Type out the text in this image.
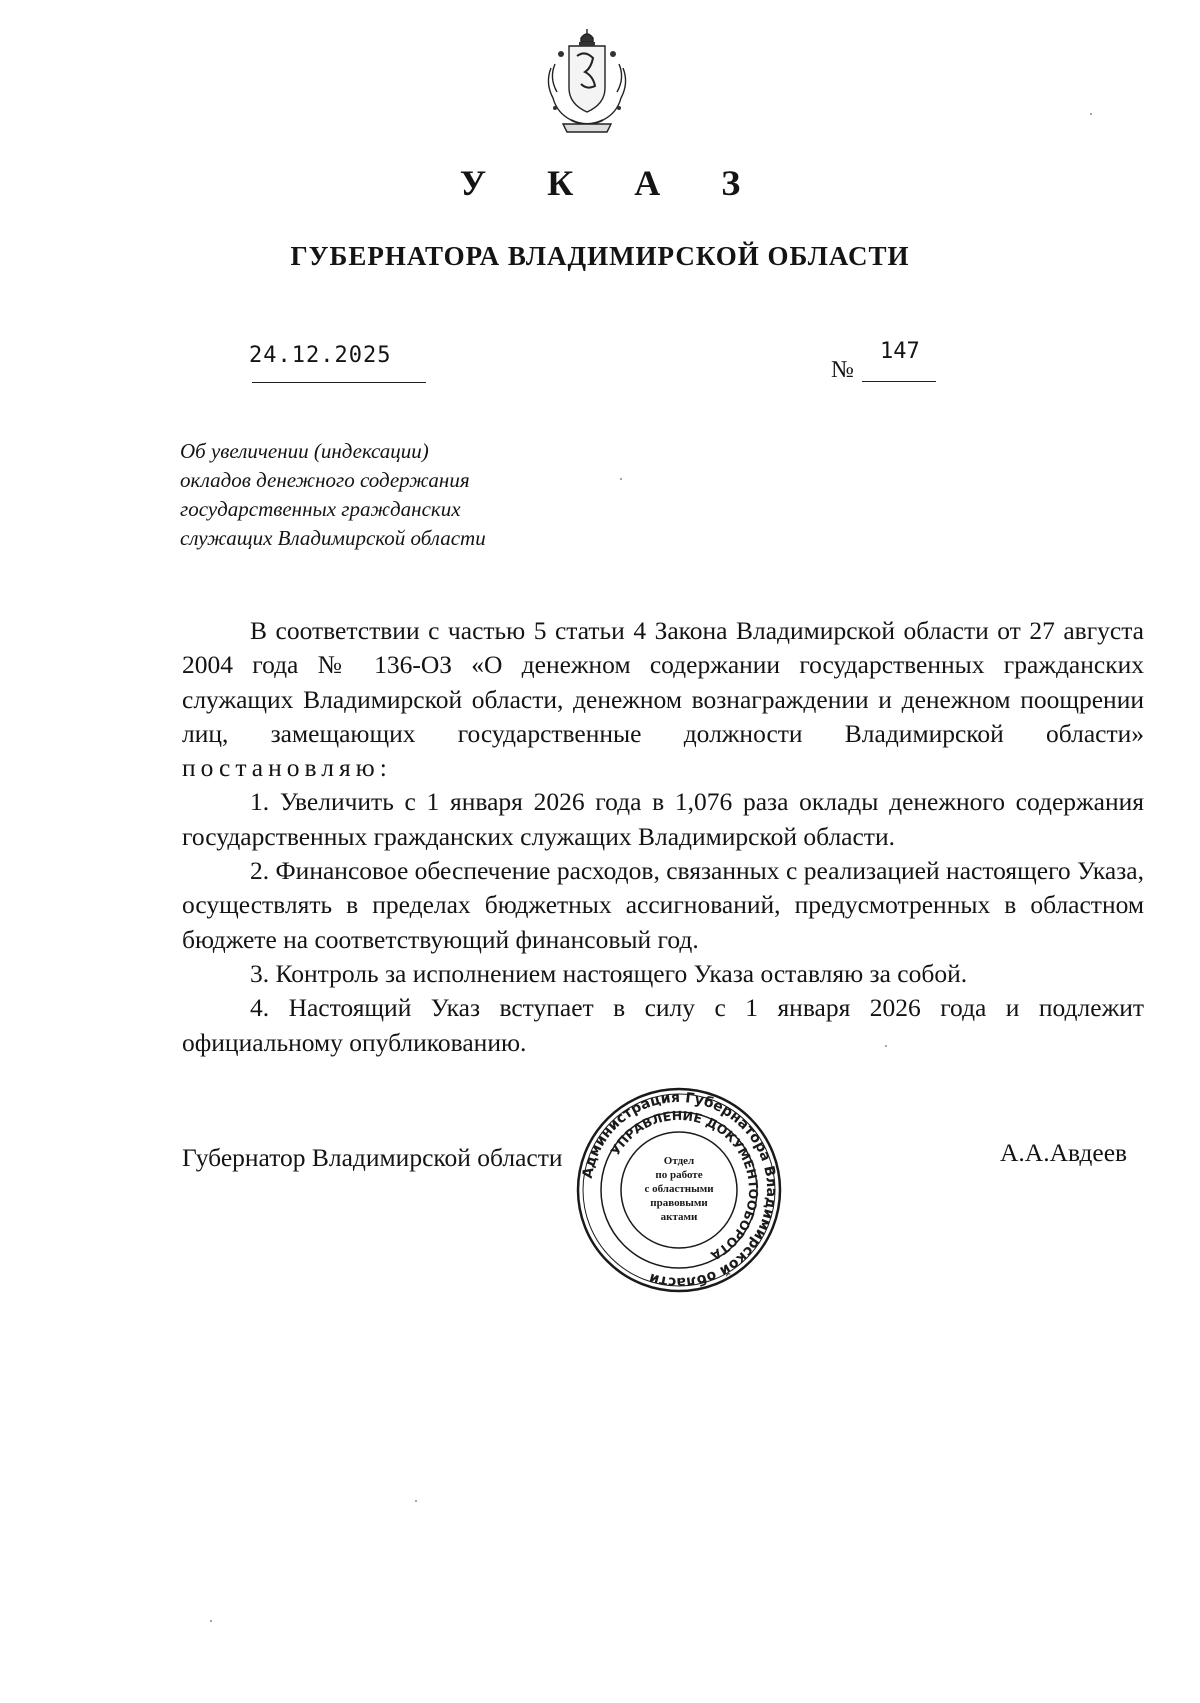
У К А З
ГУБЕРНАТОРА ВЛАДИМИРСКОЙ ОБЛАСТИ
24.12.2025
№
147
Об увеличении (индексации)
окладов денежного содержания
государственных гражданских
служащих Владимирской области

В соответствии с частью 5 статьи 4 Закона Владимирской области от 27 августа 2004 года № 136-ОЗ «О денежном содержании государственных гражданских служащих Владимирской области, денежном вознаграждении и денежном поощрении лиц, замещающих государственные должности Владимирской области» постановляю:

1. Увеличить с 1 января 2026 года в 1,076 раза оклады денежного содержания государственных гражданских служащих Владимирской области.

2. Финансовое обеспечение расходов, связанных с реализацией настоящего Указа, осуществлять в пределах бюджетных ассигнований, предусмотренных в областном бюджете на соответствующий финансовый год.

3. Контроль за исполнением настоящего Указа оставляю за собой.

4. Настоящий Указ вступает в силу с 1 января 2026 года и подлежит официальному опубликованию.

Губернатор Владимирской области	А.А.Авдеев
Администрация Губернатора Владимирской области
УПРАВЛЕНИЕ ДОКУМЕНТООБОРОТА
Отдел
по работе
с областными
правовыми
актами
